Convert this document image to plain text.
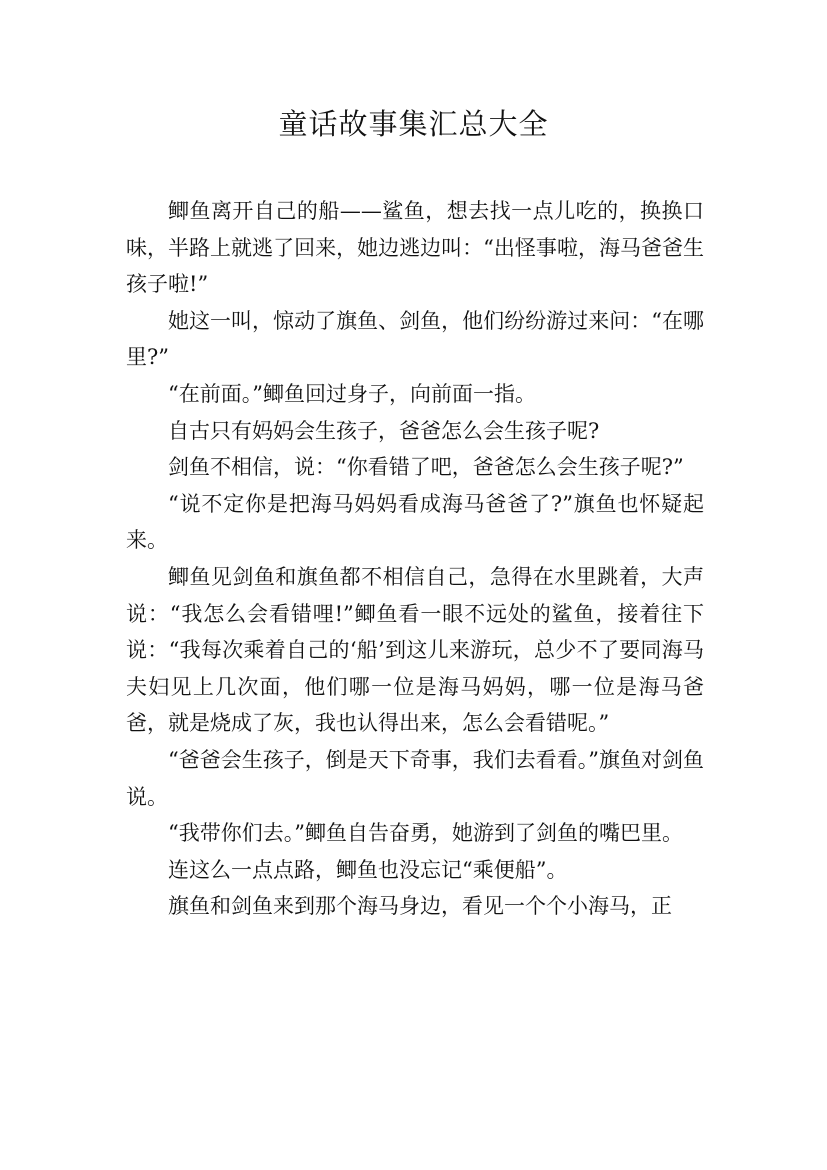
童话故事集汇总大全

鲫鱼离开自己的船——鲨鱼，想去找一点儿吃的，换换口味，半路上就逃了回来，她边逃边叫：“出怪事啦，海马爸爸生孩子啦!”

她这一叫，惊动了旗鱼、剑鱼，他们纷纷游过来问：“在哪里?”

“在前面。”鲫鱼回过身子，向前面一指。

自古只有妈妈会生孩子，爸爸怎么会生孩子呢?

剑鱼不相信，说：“你看错了吧，爸爸怎么会生孩子呢?”

“说不定你是把海马妈妈看成海马爸爸了?”旗鱼也怀疑起来。

鲫鱼见剑鱼和旗鱼都不相信自己，急得在水里跳着，大声说：“我怎么会看错哩!”鲫鱼看一眼不远处的鲨鱼，接着往下说：“我每次乘着自己的‘船’到这儿来游玩，总少不了要同海马夫妇见上几次面，他们哪一位是海马妈妈，哪一位是海马爸爸，就是烧成了灰，我也认得出来，怎么会看错呢。”

“爸爸会生孩子，倒是天下奇事，我们去看看。”旗鱼对剑鱼说。

“我带你们去。”鲫鱼自告奋勇，她游到了剑鱼的嘴巴里。

连这么一点点路，鲫鱼也没忘记“乘便船”。

旗鱼和剑鱼来到那个海马身边，看见一个个小海马，正
